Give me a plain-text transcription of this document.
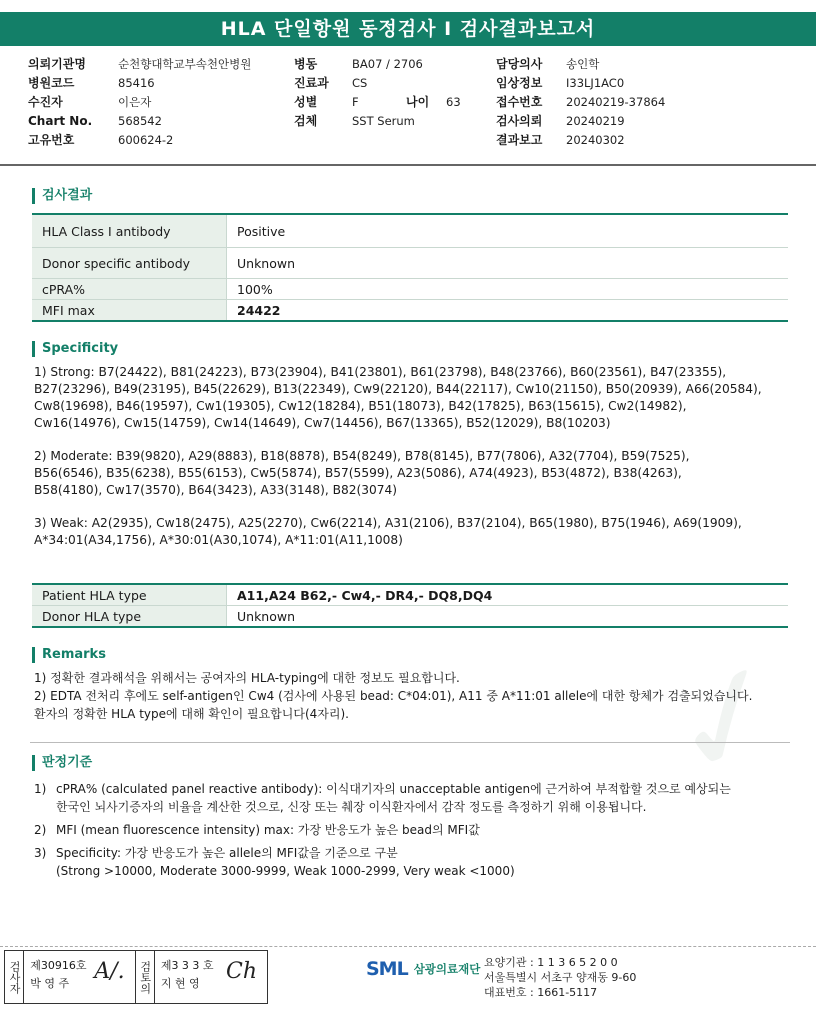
HLA 단일항원 동정검사 I 검사결과보고서
의뢰기관명	순천향대학교부속천안병원
병원코드	85416
수진자	이은자
Chart No. 568542
고유번호	600624-2
병동	BA07 / 2706
진료과 CS
성별	F	나이 63
검체	SST Serum
담당의사 송인학
임상정보 I33LJ1AC0
접수번호 20240219-37864
검사의뢰 20240219
결과보고 20240302
✓
검사결과
HLA Class I antibody	Positive
Donor specific antibody	Unknown
cPRA%	100%
MFI max	24422
Specificity

1) Strong: B7(24422), B81(24223), B73(23904), B41(23801), B61(23798), B48(23766), B60(23561), B47(23355),

B27(23296), B49(23195), B45(22629), B13(22349), Cw9(22120), B44(22117), Cw10(21150), B50(20939), A66(20584),

Cw8(19698), B46(19597), Cw1(19305), Cw12(18284), B51(18073), B42(17825), B63(15615), Cw2(14982),

Cw16(14976), Cw15(14759), Cw14(14649), Cw7(14456), B67(13365), B52(12029), B8(10203)

2) Moderate: B39(9820), A29(8883), B18(8878), B54(8249), B78(8145), B77(7806), A32(7704), B59(7525),

B56(6546), B35(6238), B55(6153), Cw5(5874), B57(5599), A23(5086), A74(4923), B53(4872), B38(4263),

B58(4180), Cw17(3570), B64(3423), A33(3148), B82(3074)

3) Weak: A2(2935), Cw18(2475), A25(2270), Cw6(2214), A31(2106), B37(2104), B65(1980), B75(1946), A69(1909),

A*34:01(A34,1756), A*30:01(A30,1074), A*11:01(A11,1008)

Patient HLA type	A11,A24 B62,- Cw4,- DR4,- DQ8,DQ4
Donor HLA type	Unknown
Remarks
1) 정확한 결과해석을 위해서는 공여자의 HLA-typing에 대한 정보도 필요합니다.
2) EDTA 전처리 후에도 self-antigen인 Cw4 (검사에 사용된 bead: C*04:01), A11 중 A*11:01 allele에 대한 항체가 검출되었습니다.
환자의 정확한 HLA type에 대해 확인이 필요합니다(4자리).
판정기준
1) cPRA% (calculated panel reactive antibody): 이식대기자의 unacceptable antigen에 근거하여 부적합할 것으로 예상되는
한국인 뇌사기증자의 비율을 계산한 것으로, 신장 또는 췌장 이식환자에서 감작 정도를 측정하기 위해 이용됩니다.
2) MFI (mean fluorescence intensity) max: 가장 반응도가 높은 bead의 MFI값
3) Specificity: 가장 반응도가 높은 allele의 MFI값을 기준으로 구분
(Strong >10000, Moderate 3000-9999, Weak 1000-2999, Very weak <1000)
검사자 제30916호
박 영 주	A/. 검토의 제3 3 3 호
지 현 영	Ch	SML 삼광의료재단 요양기관 : 1 1 3 6 5 2 0 0
서울특별시 서초구 양재동 9-60
대표번호 : 1661-5117
